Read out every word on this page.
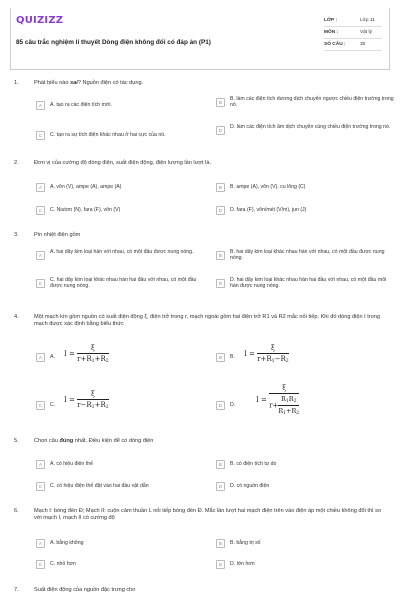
QUIZIZZ
85 câu trắc nghiệm lí thuyết Dòng điện không đổi có đáp án (P1)
LỚP :	Lớp 11
MÔN :	Vật lý
SỐ CÂU :	30
1.	Phát biểu nào sai? Nguồn điện có tác dụng.
A	A. tạo ra các điện tích mới.	B
B. làm các điện tích dương dịch chuyển ngược chiều điện trường trong nó.
C	C. tạo ra sự tích điện khác nhau ở hai cực của nó.
D
D. làm các điện tích âm dịch chuyển cùng chiều điện trường trong nó.
2.	Đơn vị của cường độ dòng điện, suất điện động, điện lượng lần lượt là.
A	A. vôn (V), ampe (A), ampe (A)	B	B. ampe (A), vôn (V), cu lông (C)
C	C. Niutơn (N), fara (F), vôn (V)	D	D. fara (F), vôn/mét (V/m), jun (J)
3.	Pin nhiệt điện gồm
A
A. hai dây kim loại hàn với nhau, có một đầu được nung nóng.
B
B. hai dây kim loại khác nhau hàn với nhau, có một đầu được nung nóng.
C
C. hai dây kim loại khác nhau hàn hai đầu với nhau, có một đầu được nung nóng.	D
D. hai dây kim loại khác nhau hàn hai đầu với nhau, có một đầu môi hàn được nung nóng.
4.	Một mạch kín gồm nguồn có suất điện động ξ, điện trở trong r, mạch ngoài gồm hai điện trở R1 và R2 mắc nối tiếp. Khi đó dòng điện I trong mạch được xác định bằng biểu thức
A	A. $I = \frac{\xi}{r+R_1+R_2}$	B	B. $I = \frac{\xi}{r+R_1-R_2}$
C	C.
$I = \frac{\xi}{r-R_1+R_2}$	D	D.
$I = \frac{\xi}{r+ \frac{R_1R_2}{R_1+R_2}}$
5.	Chọn câu đúng nhất. Điều kiện để có dòng điện
A	A. có hiệu điện thế	B	B. có điện tích tự do
C	C. có hiệu điện thế đặt vào hai đầu vật dẫn	D	D. có nguồn điện
6.	Mạch I: bóng đèn Đ; Mạch II: cuộn cảm thuần L nối tiếp bóng đèn Đ. Mắc lần lượt hai mạch điện trên vào điện áp một chiều không đổi thì so với mạch I, mạch II có cường độ
A	A. bằng không	B	B. bằng trị số
C	C. nhỏ hơn	D	D. lớn hơn
7.	Suất điện động của nguồn đặc trưng cho
